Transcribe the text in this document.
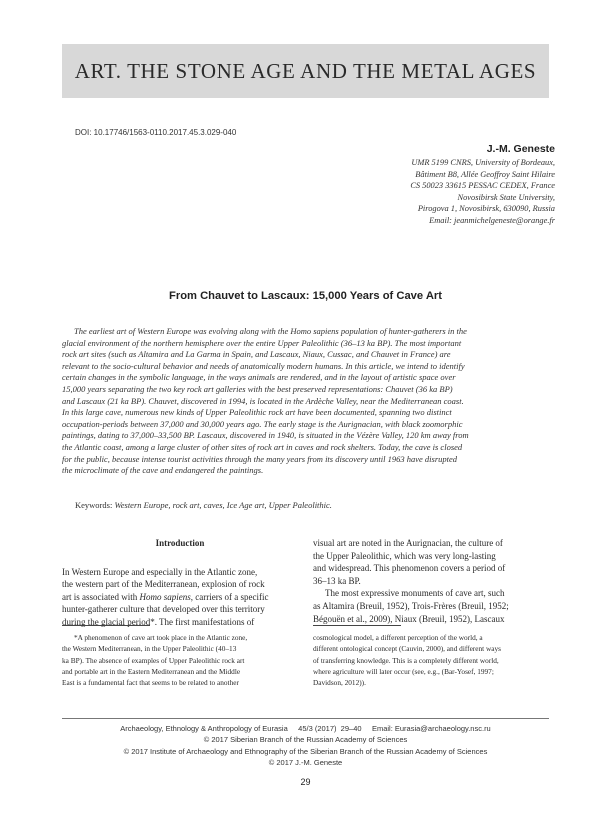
ART. THE STONE AGE AND THE METAL AGES
DOI: 10.17746/1563-0110.2017.45.3.029-040
J.-M. Geneste
UMR 5199 CNRS, University of Bordeaux,
Bâtiment B8, Allée Geoffroy Saint Hilaire
CS 50023 33615 PESSAC CEDEX, France
Novosibirsk State University,
Pirogova 1, Novosibirsk, 630090, Russia
Email: jeanmichelgeneste@orange.fr
From Chauvet to Lascaux: 15,000 Years of Cave Art
The earliest art of Western Europe was evolving along with the Homo sapiens population of hunter-gatherers in the
glacial environment of the northern hemisphere over the entire Upper Paleolithic (36–13 ka BP). The most important
rock art sites (such as Altamira and La Garma in Spain, and Lascaux, Niaux, Cussac, and Chauvet in France) are
relevant to the socio-cultural behavior and needs of anatomically modern humans. In this article, we intend to identify
certain changes in the symbolic language, in the ways animals are rendered, and in the layout of artistic space over
15,000 years separating the two key rock art galleries with the best preserved representations: Chauvet (36 ka BP)
and Lascaux (21 ka BP). Chauvet, discovered in 1994, is located in the Ardèche Valley, near the Mediterranean coast.
In this large cave, numerous new kinds of Upper Paleolithic rock art have been documented, spanning two distinct
occupation-periods between 37,000 and 30,000 years ago. The early stage is the Aurignacian, with black zoomorphic
paintings, dating to 37,000–33,500 BP. Lascaux, discovered in 1940, is situated in the Vézère Valley, 120 km away from
the Atlantic coast, among a large cluster of other sites of rock art in caves and rock shelters. Today, the cave is closed
for the public, because intense tourist activities through the many years from its discovery until 1963 have disrupted
the microclimate of the cave and endangered the paintings.
Keywords: Western Europe, rock art, caves, Ice Age art, Upper Paleolithic.
Introduction
In Western Europe and especially in the Atlantic zone,
the western part of the Mediterranean, explosion of rock
art is associated with Homo sapiens, carriers of a specific
hunter-gatherer culture that developed over this territory
during the glacial period*. The first manifestations of
visual art are noted in the Aurignacian, the culture of
the Upper Paleolithic, which was very long-lasting
and widespread. This phenomenon covers a period of
36–13 ka BP.
The most expressive monuments of cave art, such
as Altamira (Breuil, 1952), Trois-Frères (Breuil, 1952;
Bégouën et al., 2009), Niaux (Breuil, 1952), Lascaux
*A phenomenon of cave art took place in the Atlantic zone,
the Western Mediterranean, in the Upper Paleolithic (40–13
ka BP). The absence of examples of Upper Paleolithic rock art
and portable art in the Eastern Mediterranean and the Middle
East is a fundamental fact that seems to be related to another
cosmological model, a different perception of the world, a
different ontological concept (Cauvin, 2000), and different ways
of transferring knowledge. This is a completely different world,
where agriculture will later occur (see, e.g., (Bar-Yosef, 1997;
Davidson, 2012)).
Archaeology, Ethnology & Anthropology of Eurasia     45/3 (2017)  29–40     Email: Eurasia@archaeology.nsc.ru
© 2017 Siberian Branch of the Russian Academy of Sciences
© 2017 Institute of Archaeology and Ethnography of the Siberian Branch of the Russian Academy of Sciences
© 2017 J.-M. Geneste
29
